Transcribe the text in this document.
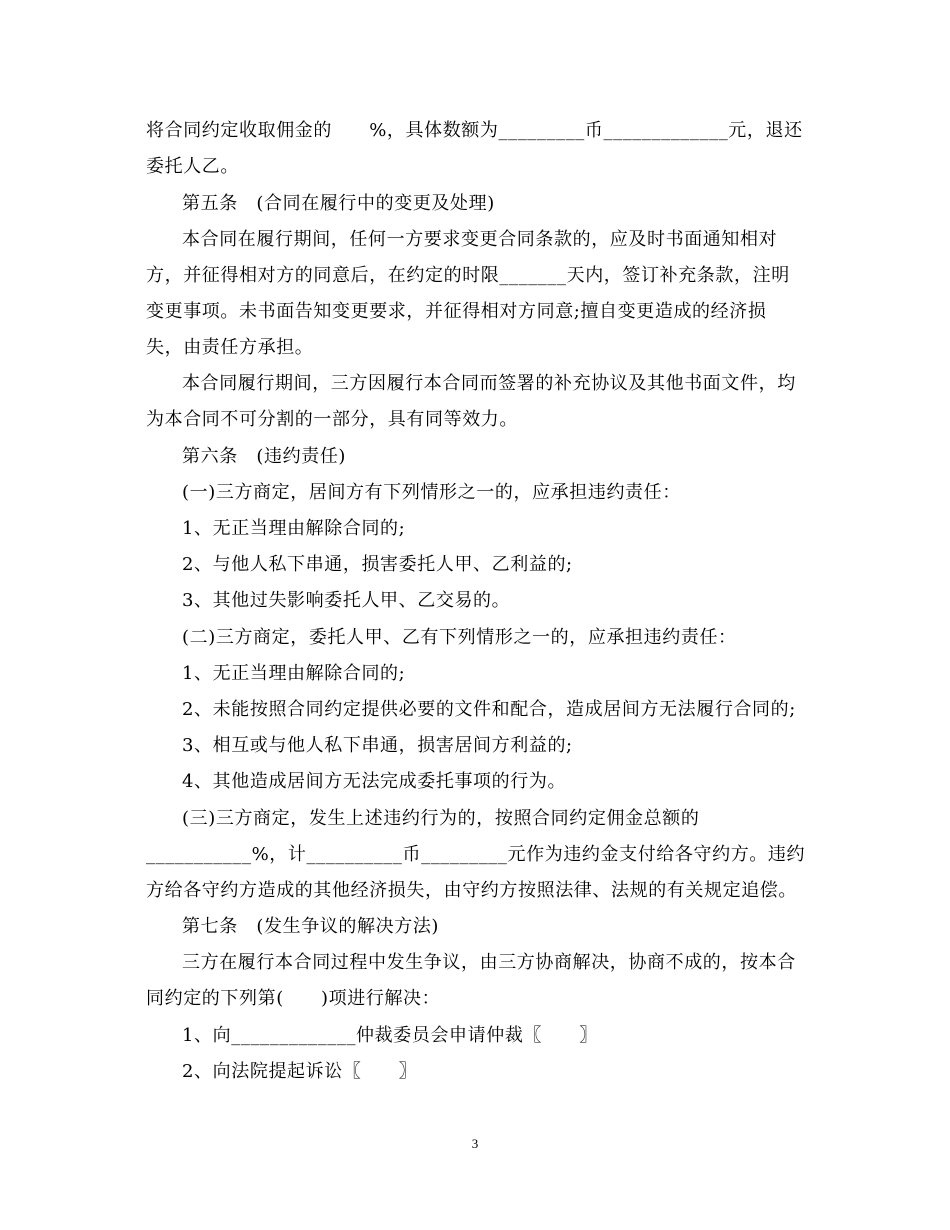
将合同约定收取佣金的　　%，具体数额为_________币_____________元，退还
委托人乙。
第五条　(合同在履行中的变更及处理)
本合同在履行期间，任何一方要求变更合同条款的，应及时书面通知相对
方，并征得相对方的同意后，在约定的时限_______天内，签订补充条款，注明
变更事项。未书面告知变更要求，并征得相对方同意;擅自变更造成的经济损
失，由责任方承担。
本合同履行期间，三方因履行本合同而签署的补充协议及其他书面文件，均
为本合同不可分割的一部分，具有同等效力。
第六条　(违约责任)
(一)三方商定，居间方有下列情形之一的，应承担违约责任：
1、无正当理由解除合同的;
2、与他人私下串通，损害委托人甲、乙利益的;
3、其他过失影响委托人甲、乙交易的。
(二)三方商定，委托人甲、乙有下列情形之一的，应承担违约责任：
1、无正当理由解除合同的;
2、未能按照合同约定提供必要的文件和配合，造成居间方无法履行合同的;
3、相互或与他人私下串通，损害居间方利益的;
4、其他造成居间方无法完成委托事项的行为。
(三)三方商定，发生上述违约行为的，按照合同约定佣金总额的
___________%，计__________币_________元作为违约金支付给各守约方。违约
方给各守约方造成的其他经济损失，由守约方按照法律、法规的有关规定追偿。
第七条　(发生争议的解决方法)
三方在履行本合同过程中发生争议，由三方协商解决，协商不成的，按本合
同约定的下列第(　　)项进行解决：
1、向_____________仲裁委员会申请仲裁〖　　〗
2、向法院提起诉讼〖　　〗
3
